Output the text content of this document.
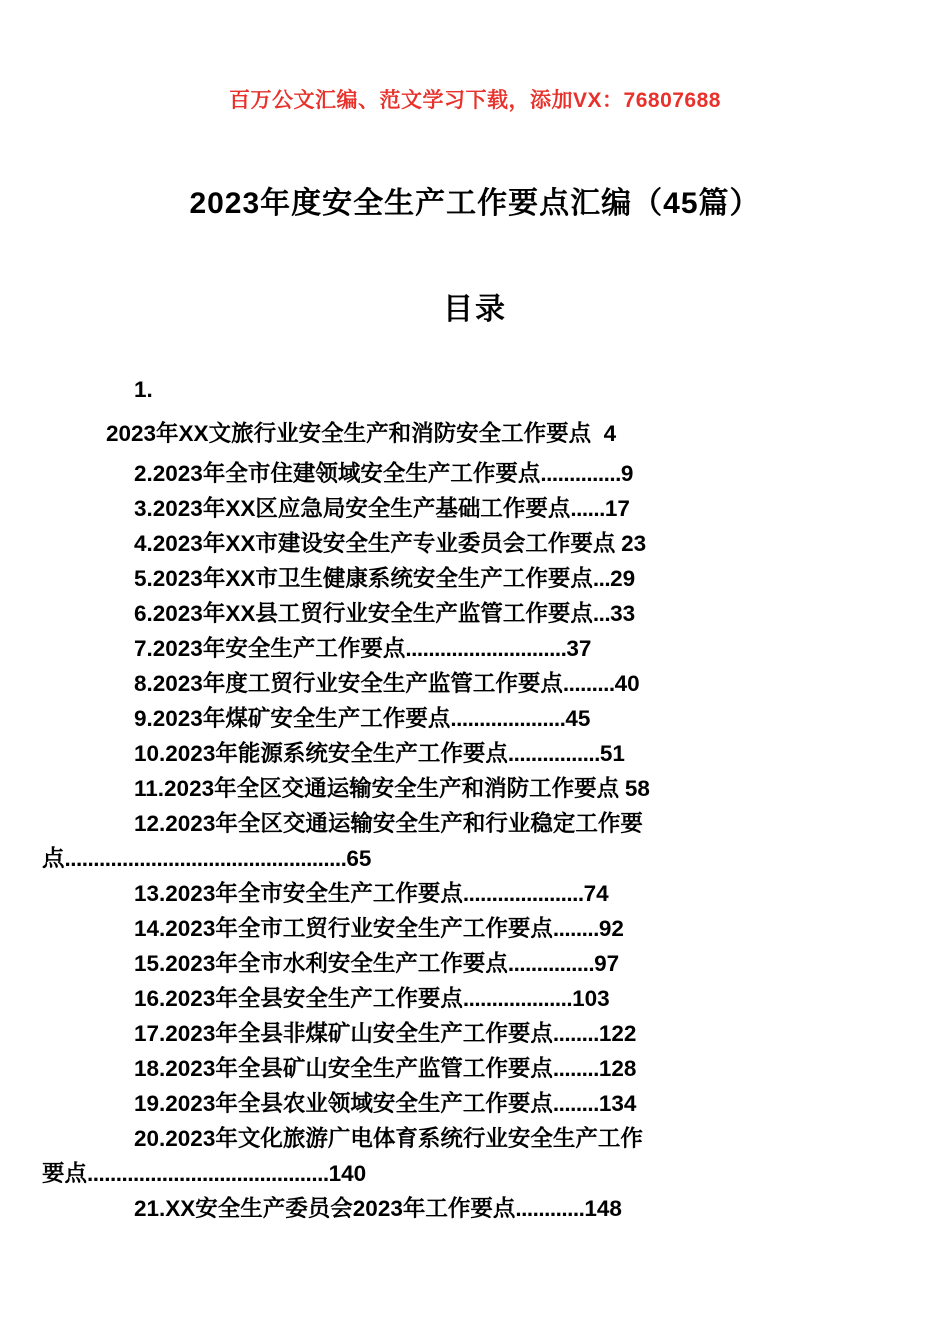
百万公文汇编、范文学习下载，添加VX：76807688
2023年度安全生产工作要点汇编（45篇）
目录
1.
2023年XX文旅行业安全生产和消防安全工作要点 4
2.2023年全市住建领域安全生产工作要点..............9
3.2023年XX区应急局安全生产基础工作要点......17
4.2023年XX市建设安全生产专业委员会工作要点 23
5.2023年XX市卫生健康系统安全生产工作要点...29
6.2023年XX县工贸行业安全生产监管工作要点...33
7.2023年安全生产工作要点............................37
8.2023年度工贸行业安全生产监管工作要点.........40
9.2023年煤矿安全生产工作要点....................45
10.2023年能源系统安全生产工作要点................51
11.2023年全区交通运输安全生产和消防工作要点 58
12.2023年全区交通运输安全生产和行业稳定工作要
点.................................................65
13.2023年全市安全生产工作要点.....................74
14.2023年全市工贸行业安全生产工作要点........92
15.2023年全市水利安全生产工作要点...............97
16.2023年全县安全生产工作要点...................103
17.2023年全县非煤矿山安全生产工作要点........122
18.2023年全县矿山安全生产监管工作要点........128
19.2023年全县农业领域安全生产工作要点........134
20.2023年文化旅游广电体育系统行业安全生产工作
要点..........................................140
21.XX安全生产委员会2023年工作要点............148
